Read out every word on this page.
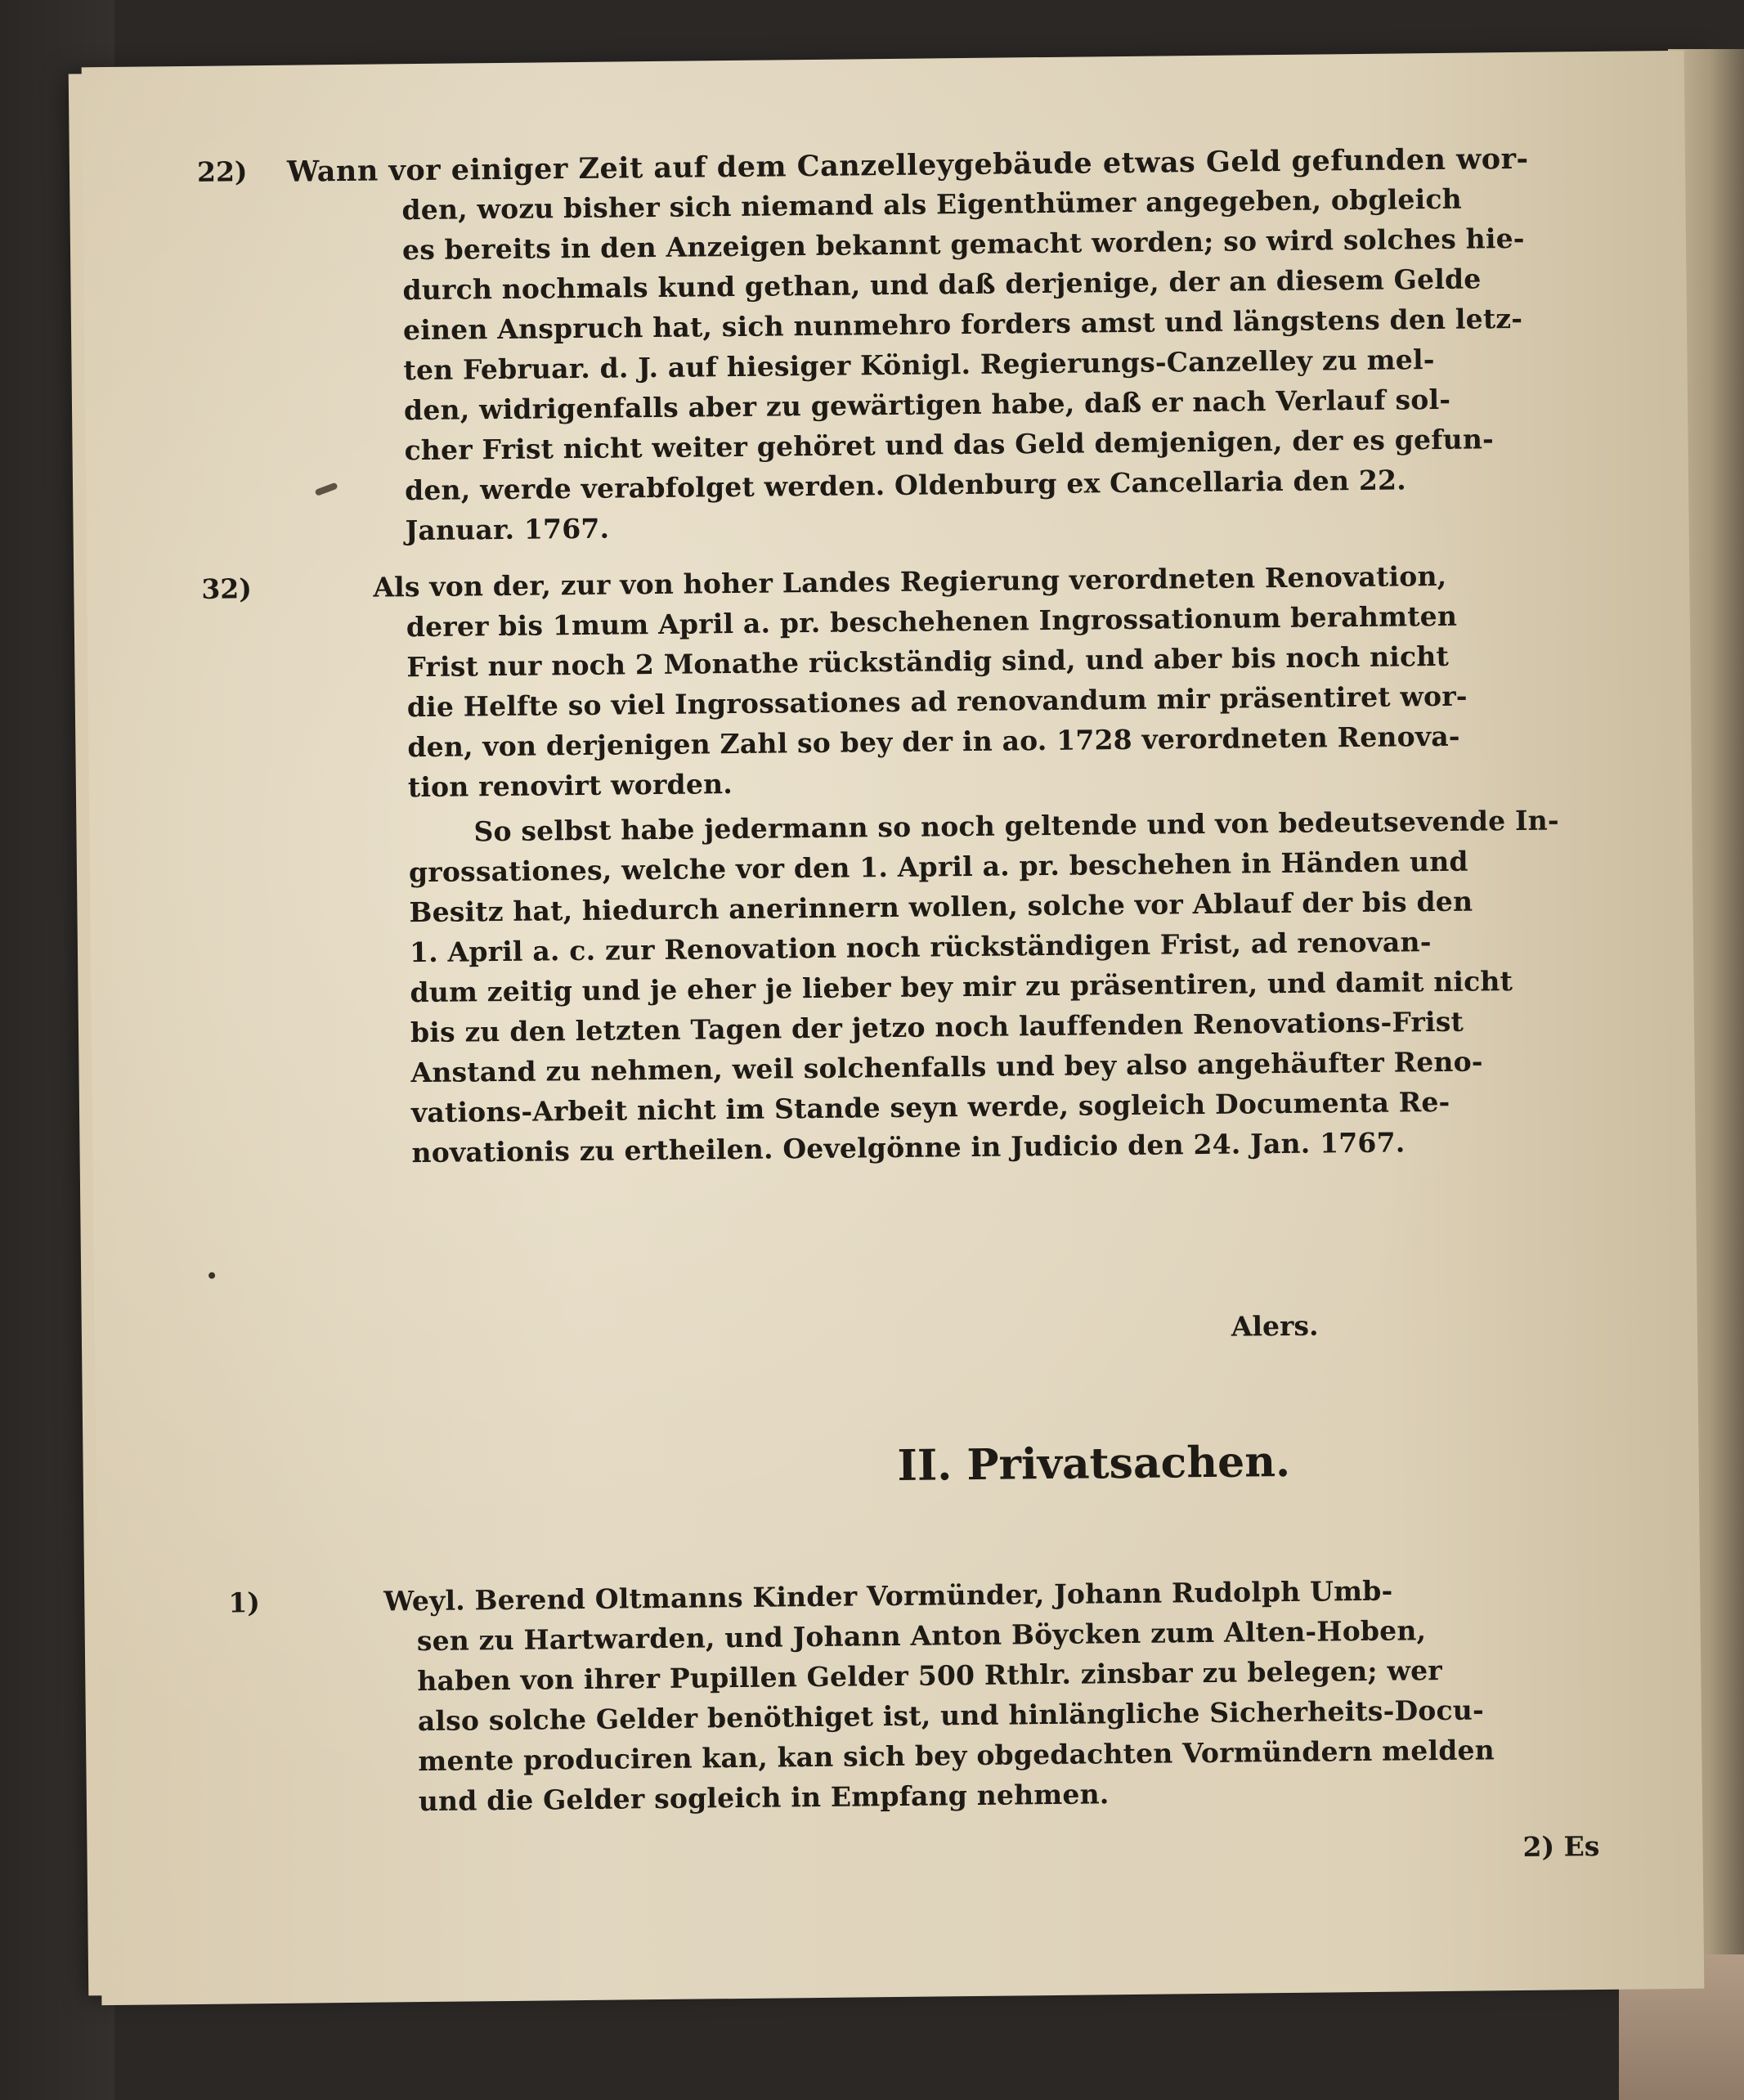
22)	Wann vor einiger Zeit auf dem Canzelleygebäude etwas Geld gefunden wor-
den, wozu bisher sich niemand als Eigenthümer angegeben, obgleich
es bereits in den Anzeigen bekannt gemacht worden; so wird solches hie-
durch nochmals kund gethan, und daß derjenige, der an diesem Gelde
einen Anspruch hat, sich nunmehro forders amst und längstens den letz-
ten Februar. d. J. auf hiesiger Königl. Regierungs-Canzelley zu mel-
den, widrigenfalls aber zu gewärtigen habe, daß er nach Verlauf sol-
cher Frist nicht weiter gehöret und das Geld demjenigen, der es gefun-
den, werde verabfolget werden. Oldenburg ex Cancellaria den 22.
Januar. 1767.
32)	Als von der, zur von hoher Landes Regierung verordneten Renovation,
derer bis 1mum April a. pr. beschehenen Ingrossationum berahmten
Frist nur noch 2 Monathe rückständig sind, und aber bis noch nicht
die Helfte so viel Ingrossationes ad renovandum mir präsentiret wor-
den, von derjenigen Zahl so bey der in ao. 1728 verordneten Renova-
tion renovirt worden.
So selbst habe jedermann so noch geltende und von bedeutsevende In-
grossationes, welche vor den 1. April a. pr. beschehen in Händen und
Besitz hat, hiedurch anerinnern wollen, solche vor Ablauf der bis den
1. April a. c. zur Renovation noch rückständigen Frist, ad renovan-
dum zeitig und je eher je lieber bey mir zu präsentiren, und damit nicht
bis zu den letzten Tagen der jetzo noch lauffenden Renovations-Frist
Anstand zu nehmen, weil solchenfalls und bey also angehäufter Reno-
vations-Arbeit nicht im Stande seyn werde, sogleich Documenta Re-
novationis zu ertheilen. Oevelgönne in Judicio den 24. Jan. 1767.
Alers.
II. Privatsachen.
1)	Weyl. Berend Oltmanns Kinder Vormünder, Johann Rudolph Umb-
sen zu Hartwarden, und Johann Anton Böycken zum Alten-Hoben,
haben von ihrer Pupillen Gelder 500 Rthlr. zinsbar zu belegen; wer
also solche Gelder benöthiget ist, und hinlängliche Sicherheits-Docu-
mente produciren kan, kan sich bey obgedachten Vormündern melden
und die Gelder sogleich in Empfang nehmen.
2) Es
